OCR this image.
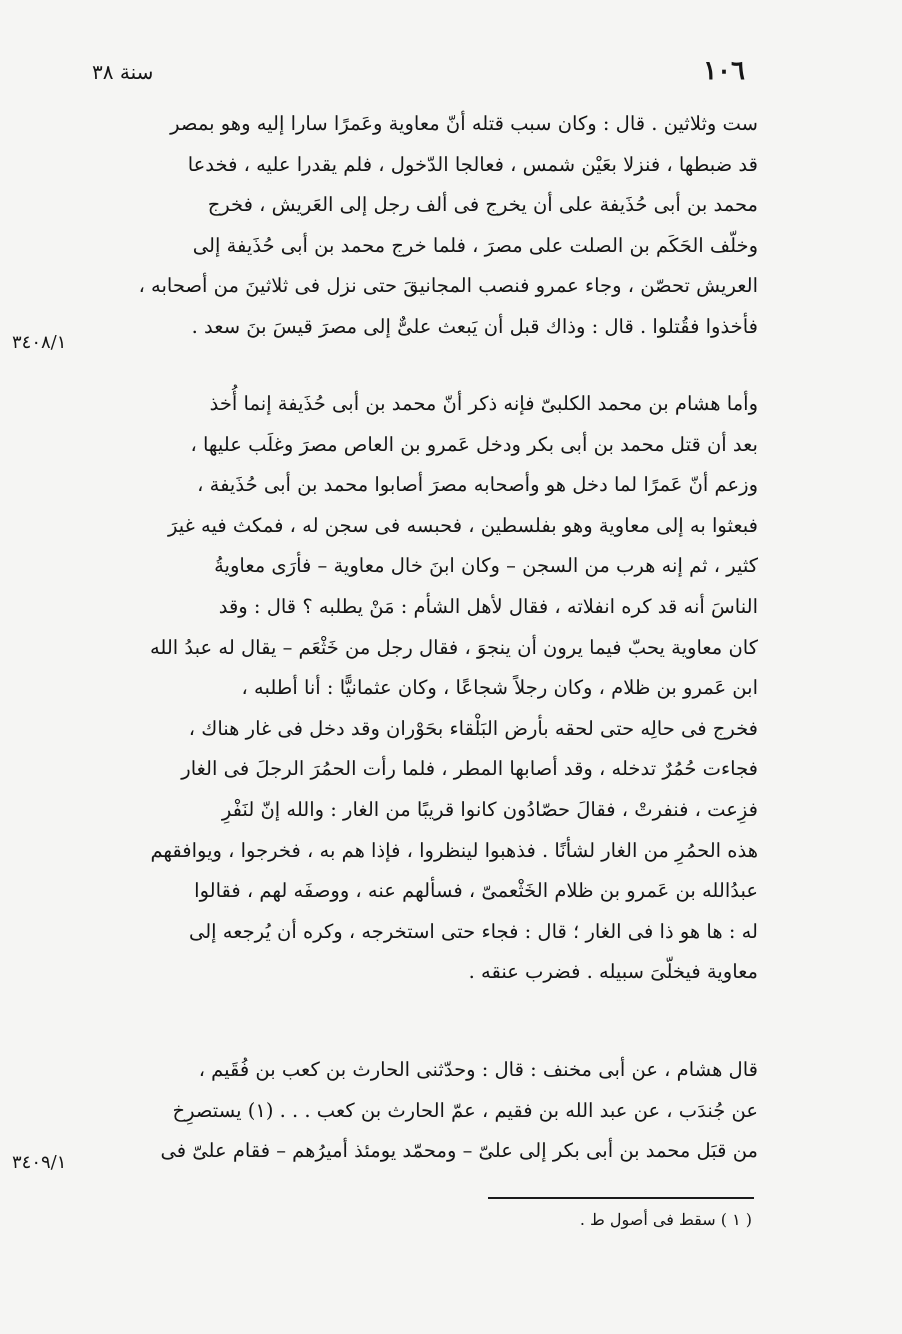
١٠٦
سنة ٣٨
ست وثلاثين . قال : وكان سبب قتله أنّ معاوية وعَمرًا سارا إليه وهو بمصر
قد ضبطها ، فنزلا بعَيْن شمس ، فعالجا الدّخول ، فلم يقدرا عليه ، فخدعا
محمد بن أبى حُذَيفة على أن يخرج فى ألف رجل إلى العَريش ، فخرج
وخلّف الحَكَم بن الصلت على مصرَ ، فلما خرج محمد بن أبى حُذَيفة إلى
العريش تحصّن ، وجاء عمرو فنصب المجانيقَ حتى نزل فى ثلاثينَ من أصحابه ،
فأخذوا فقُتلوا . قال : وذاك قبل أن يَبعث علىٌّ إلى مصرَ قيسَ بنَ سعد .
٣٤٠٨/١
وأما هشام بن محمد الكلبىّ فإنه ذكر أنّ محمد بن أبى حُذَيفة إنما أُخذ
بعد أن قتل محمد بن أبى بكر ودخل عَمرو بن العاص مصرَ وغلَب عليها ،
وزعم أنّ عَمرًا لما دخل هو وأصحابه مصرَ أصابوا محمد بن أبى حُذَيفة ،
فبعثوا به إلى معاوية وهو بفلسطين ، فحبسه فى سجن له ، فمكث فيه غيرَ
كثير ، ثم إنه هرب من السجن – وكان ابنَ خال معاوية – فأرَى معاويةُ
الناسَ أنه قد كره انفلاته ، فقال لأهل الشأم : مَنْ يطلبه ؟ قال : وقد
كان معاوية يحبّ فيما يرون أن ينجوَ ، فقال رجل من خَثْعَم – يقال له عبدُ الله
ابن عَمرو بن ظلام ، وكان رجلاً شجاعًا ، وكان عثمانيًّا : أنا أطلبه ،
فخرج فى حالِه حتى لحقه بأرض البَلْقاء بحَوْران وقد دخل فى غار هناك ،
فجاءت حُمُرٌ تدخله ، وقد أصابها المطر ، فلما رأت الحمُرَ الرجلَ فى الغار
فزِعت ، فنفرتْ ، فقالَ حصّادُون كانوا قريبًا من الغار : والله إنّ لنَفْرِ
هذه الحمُرِ من الغار لشأنًا . فذهبوا لينظروا ، فإذا هم به ، فخرجوا ، ويوافقهم
عبدُالله بن عَمرو بن ظلام الخَثْعمىّ ، فسألهم عنه ، ووصفَه لهم ، فقالوا
له : ها هو ذا فى الغار ؛ قال : فجاء حتى استخرجه ، وكره أن يُرجعه إلى
معاوية فيخلّىَ سبيله . فضرب عنقه .
قال هشام ، عن أبى مخنف : قال : وحدّثنى الحارث بن كعب بن فُقَيم ،
عن جُندَب ، عن عبد الله بن فقيم ، عمّ الحارث بن كعب . . . (١) يستصرِخ
من قبَل محمد بن أبى بكر إلى علىّ – ومحمّد يومئذ أميرُهم – فقام علىّ فى
٣٤٠٩/١
( ١ ) سقط فى أصول ط .
